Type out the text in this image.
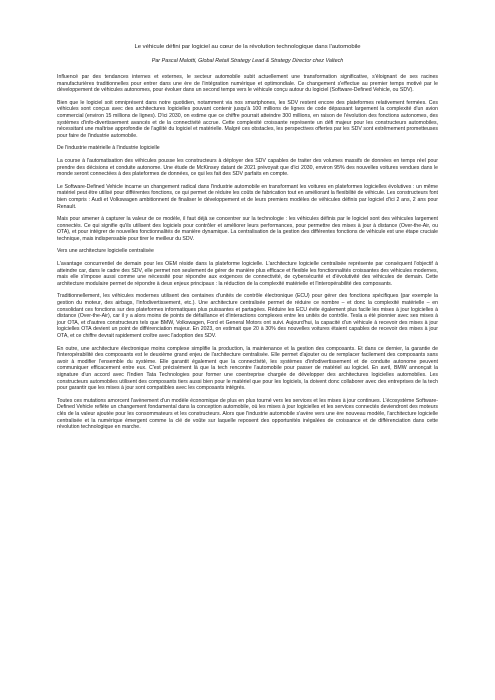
Le véhicule défini par logiciel au cœur de la révolution technologique dans l'automobile
Par Pascal Malotti, Global Retail Strategy Lead & Strategy Director chez Valtech
Influencé par des tendances internes et externes, le secteur automobile subit actuellement une transformation significative, s'éloignant de ses racines manufacturières traditionnelles pour entrer dans une ère de l'intégration numérique et optimondiale. Ce changement s'effectue au premier temps motivé par le développement de véhicules autonomes, pour évoluer dans un second temps vers le véhicule conçu autour du logiciel (Software-Defined Vehicle, ou SDV).
Bien que le logiciel soit omniprésent dans notre quotidien, notamment via nos smartphones, les SDV restent encore des plateformes relativement fermées. Ces véhicules sont conçus avec des architectures logicielles pouvant contenir jusqu'à 100 millions de lignes de code dépassant largement la complexité d'un avion commercial (environ 15 millions de lignes). D'ici 2030, on estime que ce chiffre pourrait atteindre 300 millions, en raison de l'évolution des fonctions autonomes, des systèmes d'info-divertissement avancés et de la connectivité accrue. Cette complexité croissante représente un défi majeur pour les constructeurs automobiles, nécessitant une maîtrise approfondie de l'agilité du logiciel et matérielle. Malgré ces obstacles, les perspectives offertes par les SDV sont extrêmement prometteuses pour faire de l'industrie automobile.
De l'industrie matérielle à l'industrie logicielle
La course à l'automatisation des véhicules pousse les constructeurs à déployer des SDV capables de traiter des volumes massifs de données en temps réel pour prendre des décisions et conduite autonome. Une étude de McKinsey datant de 2021 prévoyait que d'ici 2030, environ 95% des nouvelles voitures vendues dans le monde seront connectées à des plateformes de données, ce qui les fait des SDV parfaits en compte.
Le Software-Defined Vehicle incarne un changement radical dans l'industrie automobile en transformant les voitures en plateformes logicielles évolutives : un même matériel peut être utilisé pour différentes fonctions, ce qui permet de réduire les coûts de fabrication tout en améliorant la flexibilité de véhicule. Les constructeurs font bien compris : Audi et Volkswagen ambitionnent de finaliser le développement et de leurs premiers modèles de véhicules définis par logiciel d'ici 2 ans, 2 ans pour Renault.
Mais pour amener à capturer la valeur de ce modèle, il faut déjà se concentrer sur la technologie : les véhicules définis par le logiciel sont des véhicules largement connectés. Ce qui signifie qu'ils utilisent des logiciels pour contrôler et améliorer leurs performances, pour permettre des mises à jour à distance (Over-the-Air, ou OTA), et pour intégrer de nouvelles fonctionnalités de manière dynamique. La centralisation de la gestion des différentes fonctions de véhicule est une étape cruciale technique, mais indispensable pour tirer le meilleur du SDV.
Vers une architecture logicielle centralisée
L'avantage concurrentiel de demain pour les OEM réside dans la plateforme logicielle. L'architecture logicielle centralisée représente par conséquent l'objectif à atteindre car, dans le cadre des SDV, elle permet non seulement de gérer de manière plus efficace et flexible les fonctionnalités croissantes des véhicules modernes, mais elle s'impose aussi comme une nécessité pour répondre aux exigences de connectivité, de cybersécurité et d'évolutivité des véhicules de demain. Cette architecture modulaire permet de répondre à deux enjeux principaux : la réduction de la complexité matérielle et l'interopérabilité des composants.
Traditionnellement, les véhicules modernes utilisent des centaines d'unités de contrôle électronique (ECU) pour gérer des fonctions spécifiques (par exemple la gestion du moteur, des airbags, l'infodivertissement, etc.). Une architecture centralisée permet de réduire ce nombre – et donc la complexité matérielle – en consolidant ces fonctions sur des plateformes informatiques plus puissantes et partagées. Réduire les ECU évite également plus facile les mises à jour logicielles à distance (Over-the-Air), car il y a alors moins de points de défaillance et d'interactions complexes entre les unités de contrôle. Tesla a été pionnier avec ses mises à jour OTA, et d'autres constructeurs tels que BMW, Volkswagen, Ford et General Motors ont suivi. Aujourd'hui, la capacité d'un véhicule à recevoir des mises à jour logicielles OTA devient un point de différenciation majeur. En 2023, on estimait que 20 à 30% des nouvelles voitures étaient capables de recevoir des mises à jour OTA, et ce chiffre devrait rapidement croître avec l'adoption des SDV.
En outre, une architecture électronique moins complexe simplifie la production, la maintenance et la gestion des composants. Et dans ce dernier, la garantie de l'interopérabilité des composants est le deuxième grand enjeu de l'architecture centralisée. Elle permet d'ajouter ou de remplacer facilement des composants sans avoir à modifier l'ensemble du système. Elle garantit également que la connectivité, les systèmes d'infodivertissement et de conduite autonome peuvent communiquer efficacement entre eux. C'est précisément là que la tech rencontre l'automobile pour passer de matériel au logiciel. En avril, BMW annonçait la signature d'un accord avec l'Indien Tata Technologies pour former une coentreprise chargée de développer des architectures logicielles automobiles. Les constructeurs automobiles utilisent des composants tiers aussi bien pour le matériel que pour les logiciels, la doivent donc collaborer avec des entreprises de la tech pour garantir que les mises à jour sont compatibles avec les composants intégrés.
Toutes ces mutations amorcent l'avènement d'un modèle économique de plus en plus tourné vers les services et les mises à jour continues. L'écosystème Software-Defined Vehicle reflète un changement fondamental dans la conception automobile, où les mises à jour logicielles et les services connectés deviendront des moteurs clés de la valeur ajoutée pour les consommateurs et les constructeurs. Alors que l'industrie automobile s'avère vers une ère nouveau modèle, l'architecture logicielle centralisée et la numérique émergent comme la clé de voûte sur laquelle reposent des opportunités inégalées de croissance et de différenciation dans cette révolution technologique en marche.
